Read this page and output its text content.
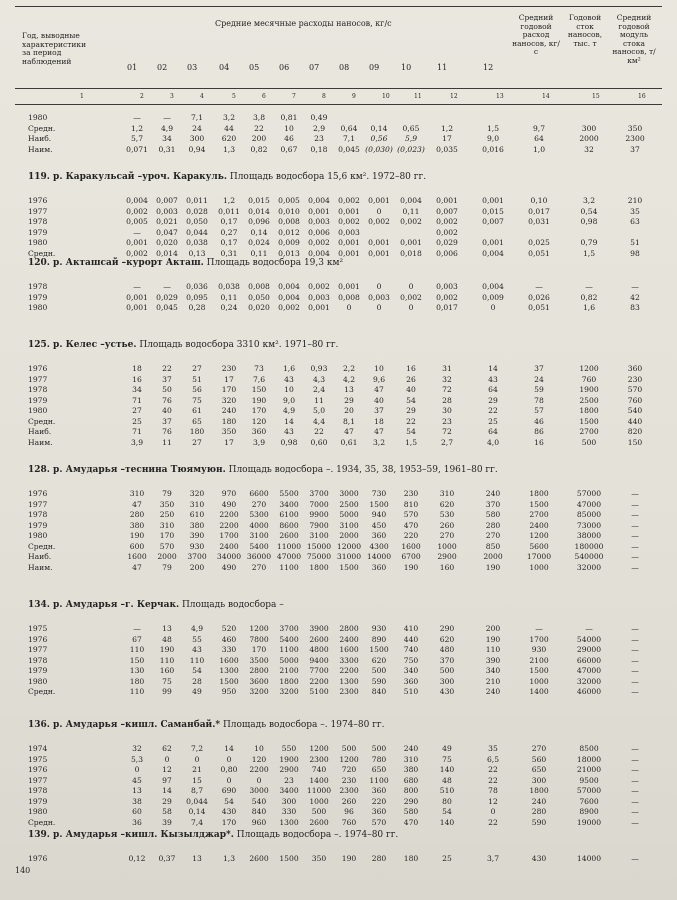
Год, выводные характеристики за период наблюдений
Средние месячные расходы наносов, кг/с
01 02 03	04 05 06 07 08 09	10	11	12
Средний годовой расход наносов, кг/с
Годовой сток наносов, тыс. т
Средний годовой модуль стока наносов, т/км²
1	2	3	4	5	6	7	8	9	10	11	12	13	14	15	16
1980	—	—	7,1	3,2	3,8	0,81	0,49
Средн.	1,2	4,9	24	44	22	10	2,9	0,64	0,14	0,65	1,2	1,5	9,7	300	350
Наиб.	5,7	34	300	620	200	46	23	7,1	0,56	5,9	17	9,0	64	2000	2300
Наим.	0,071	0,31	0,94	1,3	0,82	0,67	0,18	0,045 (0,030) (0,023)	0,035	0,016	1,0	32	37
119. р. Каракульсай –уроч. Каракуль. Площадь водосбора 15,6 км². 1972–80 гг.
1976	0,004	0,007	0,011	1,2	0,015	0,005	0,004	0,002	0,001	0,004	0,001	0,001	0,10	3,2	210
1977	0,002	0,003	0,028	0,011	0,014	0,010	0,001	0,001	0	0,11	0,007	0,015	0,017	0,54	35
1978	0,005	0,021	0,050	0,17	0,096	0,008	0,003	0,002	0,002	0,002	0,002	0,007	0,031	0,98	63
1979	—	0,047	0,044	0,27	0,14	0,012	0,006	0,003	0,002
1980	0,001	0,020	0,038	0,17	0,024	0,009	0,002	0,001	0,001	0,001	0,029	0,001	0,025	0,79	51
Средн.	0,002	0,014	0,13	0,31	0,11	0,013	0,004	0,001	0,001	0,018	0,006	0,004	0,051	1,5	98
120. р. Акташсай –курорт Акташ. Площадь водосбора 19,3 км²
1978	—	—	0,036	0,038	0,008	0,004	0,002	0,001	0	0	0,003	0,004	—	—	—
1979	0,001	0,029	0,095	0,11	0,050	0,004	0,003	0,008	0,003	0,002	0,002	0,009	0,026	0,82	42
1980	0,001	0,045	0,28	0,24	0,020	0,002	0,001	0	0	0	0,017	0	0,051	1,6	83
125. р. Келес –устье. Площадь водосбора 3310 км². 1971–80 гг.
1976	18	22	27	230	73	1,6	0,93	2,2	10	16	31	14	37	1200	360
1977	16	37	51	17	7,6	43	4,3	4,2	9,6	26	32	43	24	760	230
1978	34	50	56	170	150	10	2,4	13	47	40	72	64	59	1900	570
1979	71	76	75	320	190	9,0	11	29	40	54	28	29	78	2500	760
1980	27	40	61	240	170	4,9	5,0	20	37	29	30	22	57	1800	540
Средн.	25	37	65	180	120	14	4,4	8,1	18	22	23	25	46	1500	440
Наиб.	71	76	180	350	360	43	22	47	47	54	72	64	86	2700	820
Наим.	3,9	11	27	17	3,9	0,98	0,60	0,61	3,2	1,5	2,7	4,0	16	500	150
128. р. Амударья –теснина Тюямуюн. Площадь водосбора –. 1934, 35, 38, 1953–59, 1961–80 гг.
1976	310	79	320	970	6600	5500	3700	3000	730	230	310	240	1800	57000	—
1977	47	350	310	490	270	3400	7000	2500	1500	810	620	370	1500	47000	—
1978	280	250	610	2200	5300	6100	9900	5000	940	570	530	580	2700	85000	—
1979	380	310	380	2200	4000	8600	7900	3100	450	470	260	280	2400	73000	—
1980	190	170	390	1700	3100	2600	3100	2000	360	220	270	270	1200	38000	—
Средн.	600	570	930	2400	5400	11000 15000 12000	4300	1600	1000	850	5600	180000	—
Наиб.	1600	2000	3700	34000 36000 47000 75000 31000 14000	6700	2900	2000	17000	540000	—
Наим.	47	79	200	490	270	1100	1800	1500	360	190	160	190	1000	32000	—
134. р. Амударья –г. Керчак. Площадь водосбора –
1975	—	13	4,9	520	1200	3700	3900	2800	930	410	290	200	—	—	—
1976	67	48	55	460	7800	5400	2600	2400	890	440	620	190	1700	54000	—
1977	110	190	43	330	170	1100	4800	1600	1500	740	480	110	930	29000	—
1978	150	110	110	1600	3500	5000	9400	3300	620	750	370	390	2100	66000	—
1979	130	160	54	1300	2800	2100	7700	2200	500	340	500	340	1500	47000	—
1980	180	75	28	1500	3600	1800	2200	1300	590	360	300	210	1000	32000	—
Средн.	110	99	49	950	3200	3200	5100	2300	840	510	430	240	1400	46000	—
136. р. Амударья –кишл. Саманбай.* Площадь водосбора –. 1974–80 гг.
1974	32	62	7,2	14	10	550	1200	500	500	240	49	35	270	8500	—
1975	5,3	0	0	0	120	1900	2300	1200	780	310	75	6,5	560	18000	—
1976	0	12	21	0,80	2200	2900	740	720	650	380	140	22	650	21000	—
1977	45	97	15	0	0	23	1400	230	1100	680	48	22	300	9500	—
1978	13	14	8,7	690	3000	3400	11000	2300	360	800	510	78	1800	57000	—
1979	38	29	0,044	54	540	300	1000	260	220	290	80	12	240	7600	—
1980	60	58	0,14	430	840	330	500	96	360	580	54	0	280	8900	—
Средн.	36	39	7,4	170	960	1300	2600	760	570	470	140	22	590	19000	—
139. р. Амударья –кишл. Кызылджар*. Площадь водосбора –. 1974–80 гг.
1976	0,12	0,37	13	1,3	2600	1500	350	190	280	180	25	3,7	430	14000	—
140
